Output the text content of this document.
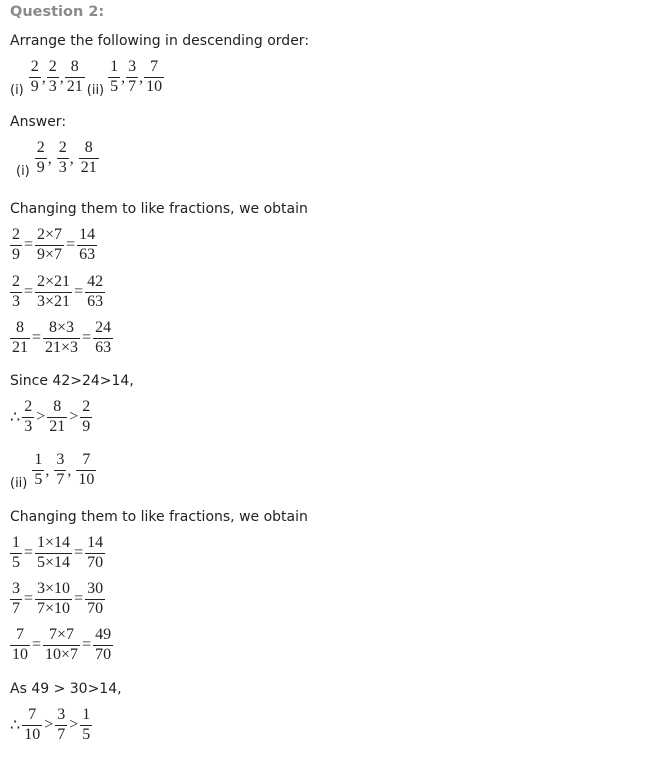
Question 2:
Arrange the following in descending order:
$(i) \frac{2}{9}$ , $\frac{2}{3}$ , $\frac{8}{21} (ii) \frac{1}{5}$ , $\frac{3}{7}$ , $\frac{7}{10}$
Answer:
$(i) \frac{2}{9}$ ,
$\frac{2}{3}$ ,
$\frac{8}{21}$
Changing them to like fractions, we obtain
$\frac{2}{9} = \frac{2\times 7}{9\times 7} = \frac{14}{63}$
$\frac{2}{3} = \frac{2\times 21}{3\times 21} = \frac{42}{63}$
$\frac{8}{21} = \frac{8\times 3}{21\times 3} = \frac{24}{63}$
Since 42>24>14,
∴ $\frac{2}{3} > \frac{8}{21} > \frac{2}{9}$
$(ii) \frac{1}{5}$ ,
$\frac{3}{7}$ ,
$\frac{7}{10}$
Changing them to like fractions, we obtain
$\frac{1}{5} = \frac{1\times 14}{5\times 14} = \frac{14}{70}$
$\frac{3}{7} = \frac{3\times 10}{7\times 10} = \frac{30}{70}$
$\frac{7}{10} = \frac{7\times 7}{10\times 7} = \frac{49}{70}$
As 49 > 30>14,
∴ $\frac{7}{10} > \frac{3}{7} > \frac{1}{5}$
